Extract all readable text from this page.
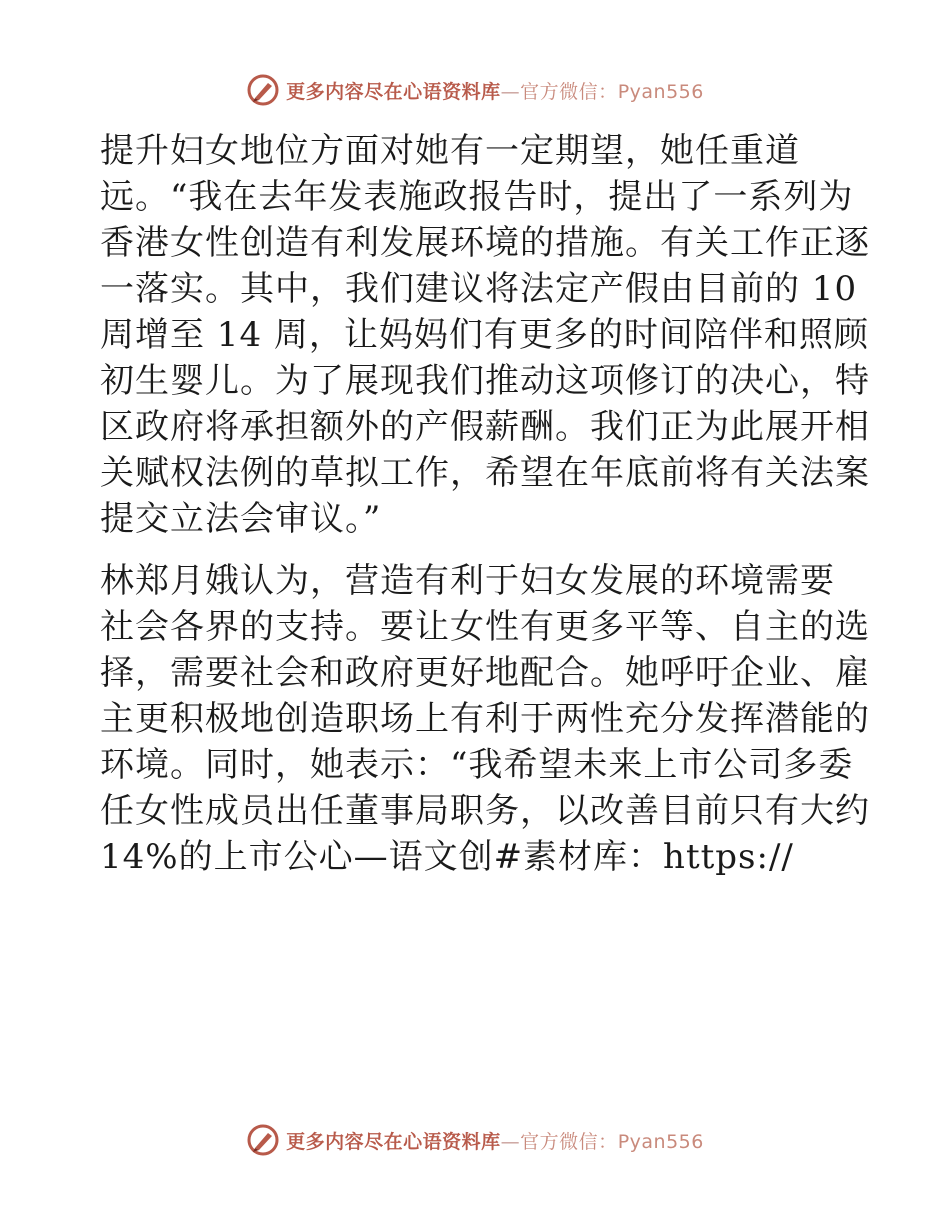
更多内容尽在心语资料库—官方微信：Pyan556

提升妇女地位方面对她有一定期望，她任重道
远。“我在去年发表施政报告时，提出了一系列为
香港女性创造有利发展环境的措施。有关工作正逐
一落实。其中，我们建议将法定产假由目前的 10
周增至 14 周，让妈妈们有更多的时间陪伴和照顾
初生婴儿。为了展现我们推动这项修订的决心，特
区政府将承担额外的产假薪酬。我们正为此展开相
关赋权法例的草拟工作，希望在年底前将有关法案
提交立法会审议。”

林郑月娥认为，营造有利于妇女发展的环境需要
社会各界的支持。要让女性有更多平等、自主的选
择，需要社会和政府更好地配合。她呼吁企业、雇
主更积极地创造职场上有利于两性充分发挥潜能的
环境。同时，她表示：“我希望未来上市公司多委
任女性成员出任董事局职务，以改善目前只有大约
14%的上市公心—语文创#素材库：https://

更多内容尽在心语资料库—官方微信：Pyan556
